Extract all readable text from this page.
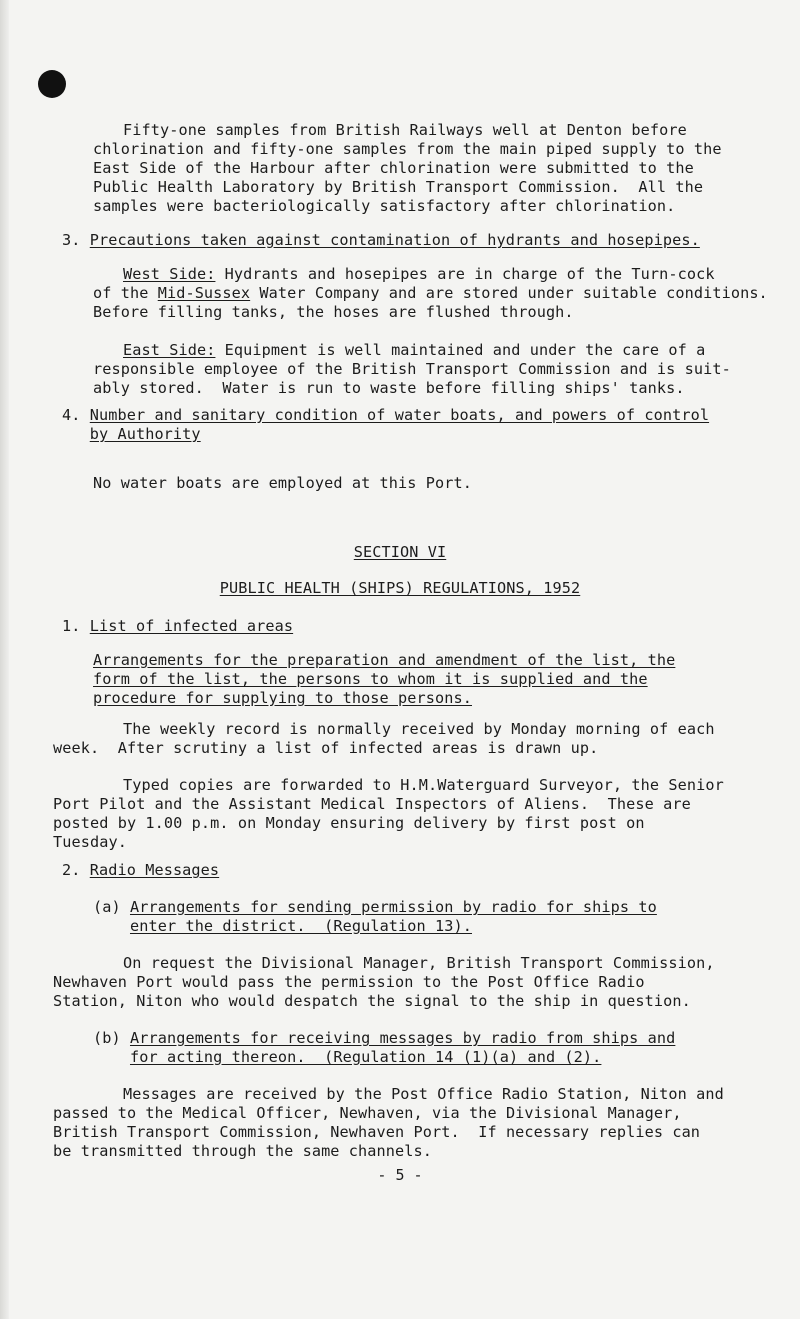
Fifty-one samples from British Railways well at Denton before
chlorination and fifty-one samples from the main piped supply to the
East Side of the Harbour after chlorination were submitted to the
Public Health Laboratory by British Transport Commission.  All the
samples were bacteriologically satisfactory after chlorination.
3. Precautions taken against contamination of hydrants and hosepipes.
West Side: Hydrants and hosepipes are in charge of the Turn-cock
of the Mid-Sussex Water Company and are stored under suitable conditions.
Before filling tanks, the hoses are flushed through.
East Side: Equipment is well maintained and under the care of a
responsible employee of the British Transport Commission and is suit-
ably stored.  Water is run to waste before filling ships' tanks.
4. Number and sanitary condition of water boats, and powers of control
by Authority
No water boats are employed at this Port.
SECTION VI
PUBLIC HEALTH (SHIPS) REGULATIONS, 1952
1. List of infected areas
Arrangements for the preparation and amendment of the list, the
form of the list, the persons to whom it is supplied and the
procedure for supplying to those persons.
The weekly record is normally received by Monday morning of each
week.  After scrutiny a list of infected areas is drawn up.
Typed copies are forwarded to H.M.Waterguard Surveyor, the Senior
Port Pilot and the Assistant Medical Inspectors of Aliens.  These are
posted by 1.00 p.m. on Monday ensuring delivery by first post on
Tuesday.
2. Radio Messages
(a) Arrangements for sending permission by radio for ships to
enter the district.  (Regulation 13).
On request the Divisional Manager, British Transport Commission,
Newhaven Port would pass the permission to the Post Office Radio
Station, Niton who would despatch the signal to the ship in question.
(b) Arrangements for receiving messages by radio from ships and
for acting thereon.  (Regulation 14 (1)(a) and (2).
Messages are received by the Post Office Radio Station, Niton and
passed to the Medical Officer, Newhaven, via the Divisional Manager,
British Transport Commission, Newhaven Port.  If necessary replies can
be transmitted through the same channels.
- 5 -
